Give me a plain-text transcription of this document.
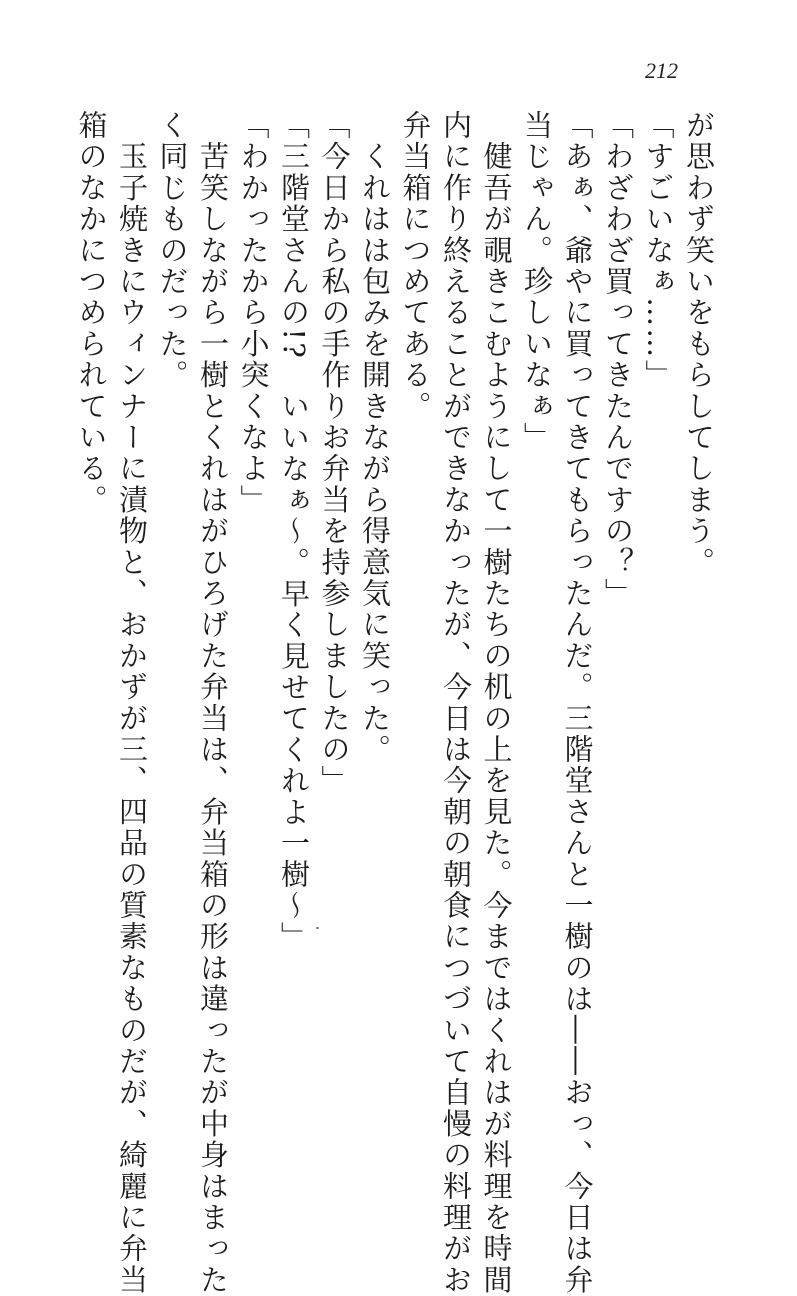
212
が思わず笑いをもらしてしまう。
「すごいなぁ……」
「わざわざ買ってきたんですの？」
「あぁ、爺やに買ってきてもらったんだ。三階堂さんと一樹のは――おっ、今日は弁
当じゃん。珍しいなぁ」
　健吾が覗きこむようにして一樹たちの机の上を見た。今まではくれはが料理を時間
内に作り終えることができなかったが、今日は今朝の朝食につづいて自慢の料理がお
弁当箱につめてある。
　くれはは包みを開きながら得意気に笑った。
「今日から私の手作りお弁当を持参しましたの」
「三階堂さんの!?　いいなぁ～。早く見せてくれよ一樹～」
「わかったから小突くなよ」
　苦笑しながら一樹とくれはがひろげた弁当は、弁当箱の形は違ったが中身はまった
く同じものだった。
　玉子焼きにウィンナーに漬物と、おかずが三、四品の質素なものだが、綺麗に弁当
箱のなかにつめられている。
